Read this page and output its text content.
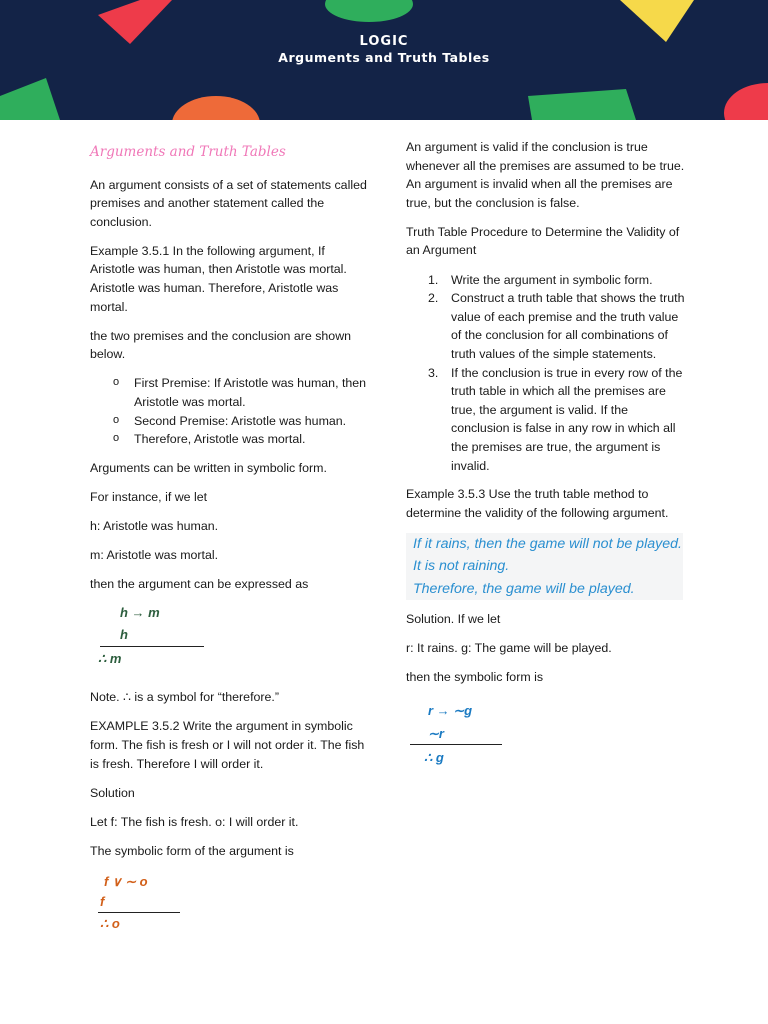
LOGIC
Arguments and Truth Tables

Arguments and Truth Tables

An argument consists of a set of statements called premises and another statement called the conclusion.

Example 3.5.1 In the following argument, If Aristotle was human, then Aristotle was mortal. Aristotle was human. Therefore, Aristotle was mortal.

the two premises and the conclusion are shown below.

o First Premise: If Aristotle was human, then Aristotle was mortal.
o Second Premise: Aristotle was human.
o Therefore, Aristotle was mortal.

Arguments can be written in symbolic form.

For instance, if we let

h: Aristotle was human.

m: Aristotle was mortal.

then the argument can be expressed as

h → m
h
∴ m

Note. ∴ is a symbol for “therefore.”

EXAMPLE 3.5.2 Write the argument in symbolic form. The fish is fresh or I will not order it. The fish is fresh. Therefore I will order it.

Solution

Let f: The fish is fresh. o: I will order it.

The symbolic form of the argument is

f ∨ ∼ o
f
∴ o

An argument is valid if the conclusion is true whenever all the premises are assumed to be true. An argument is invalid when all the premises are true, but the conclusion is false.

Truth Table Procedure to Determine the Validity of an Argument

1. Write the argument in symbolic form.
2. Construct a truth table that shows the truth value of each premise and the truth value of the conclusion for all combinations of truth values of the simple statements.
3. If the conclusion is true in every row of the truth table in which all the premises are true, the argument is valid. If the conclusion is false in any row in which all the premises are true, the argument is invalid.

Example 3.5.3 Use the truth table method to determine the validity of the following argument.

If it rains, then the game will not be played.
It is not raining.
Therefore, the game will be played.

Solution. If we let

r: It rains. g: The game will be played.

then the symbolic form is

r → ∼g
∼r
∴ g
